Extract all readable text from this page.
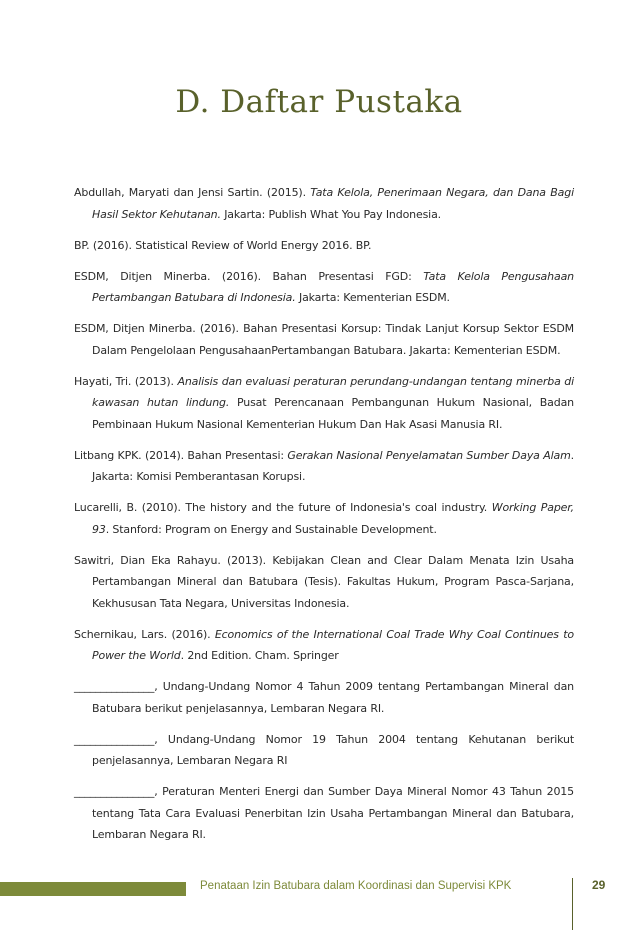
D. Daftar Pustaka
Abdullah, Maryati dan Jensi Sartin. (2015). Tata Kelola, Penerimaan Negara, dan Dana Bagi Hasil Sektor Kehutanan. Jakarta: Publish What You Pay Indonesia.
BP. (2016). Statistical Review of World Energy 2016. BP.
ESDM, Ditjen Minerba. (2016). Bahan Presentasi FGD: Tata Kelola Pengusahaan Pertambangan Batubara di Indonesia. Jakarta: Kementerian ESDM.
ESDM, Ditjen Minerba. (2016). Bahan Presentasi Korsup: Tindak Lanjut Korsup Sektor ESDM Dalam Pengelolaan PengusahaanPertambangan Batubara. Jakarta: Kementerian ESDM.
Hayati, Tri. (2013). Analisis dan evaluasi peraturan perundang-undangan tentang minerba di kawasan hutan lindung. Pusat Perencanaan Pembangunan Hukum Nasional, Badan Pembinaan Hukum Nasional Kementerian Hukum Dan Hak Asasi Manusia RI.
Litbang KPK. (2014). Bahan Presentasi: Gerakan Nasional Penyelamatan Sumber Daya Alam. Jakarta: Komisi Pemberantasan Korupsi.
Lucarelli, B. (2010). The history and the future of Indonesia's coal industry. Working Paper, 93. Stanford: Program on Energy and Sustainable Development.
Sawitri, Dian Eka Rahayu. (2013). Kebijakan Clean and Clear Dalam Menata Izin Usaha Pertambangan Mineral dan Batubara (Tesis). Fakultas Hukum, Program Pasca-Sarjana, Kekhususan Tata Negara, Universitas Indonesia.
Schernikau, Lars. (2016). Economics of the International Coal Trade Why Coal Continues to Power the World. 2nd Edition. Cham. Springer
_______________, Undang-Undang Nomor 4 Tahun 2009 tentang Pertambangan Mineral dan Batubara berikut penjelasannya, Lembaran Negara RI.
_______________, Undang-Undang Nomor 19 Tahun 2004 tentang Kehutanan berikut penjelasannya, Lembaran Negara RI
_______________, Peraturan Menteri Energi dan Sumber Daya Mineral Nomor 43 Tahun 2015 tentang Tata Cara Evaluasi Penerbitan Izin Usaha Pertambangan Mineral dan Batubara, Lembaran Negara RI.
Penataan Izin Batubara dalam Koordinasi dan Supervisi KPK	29
